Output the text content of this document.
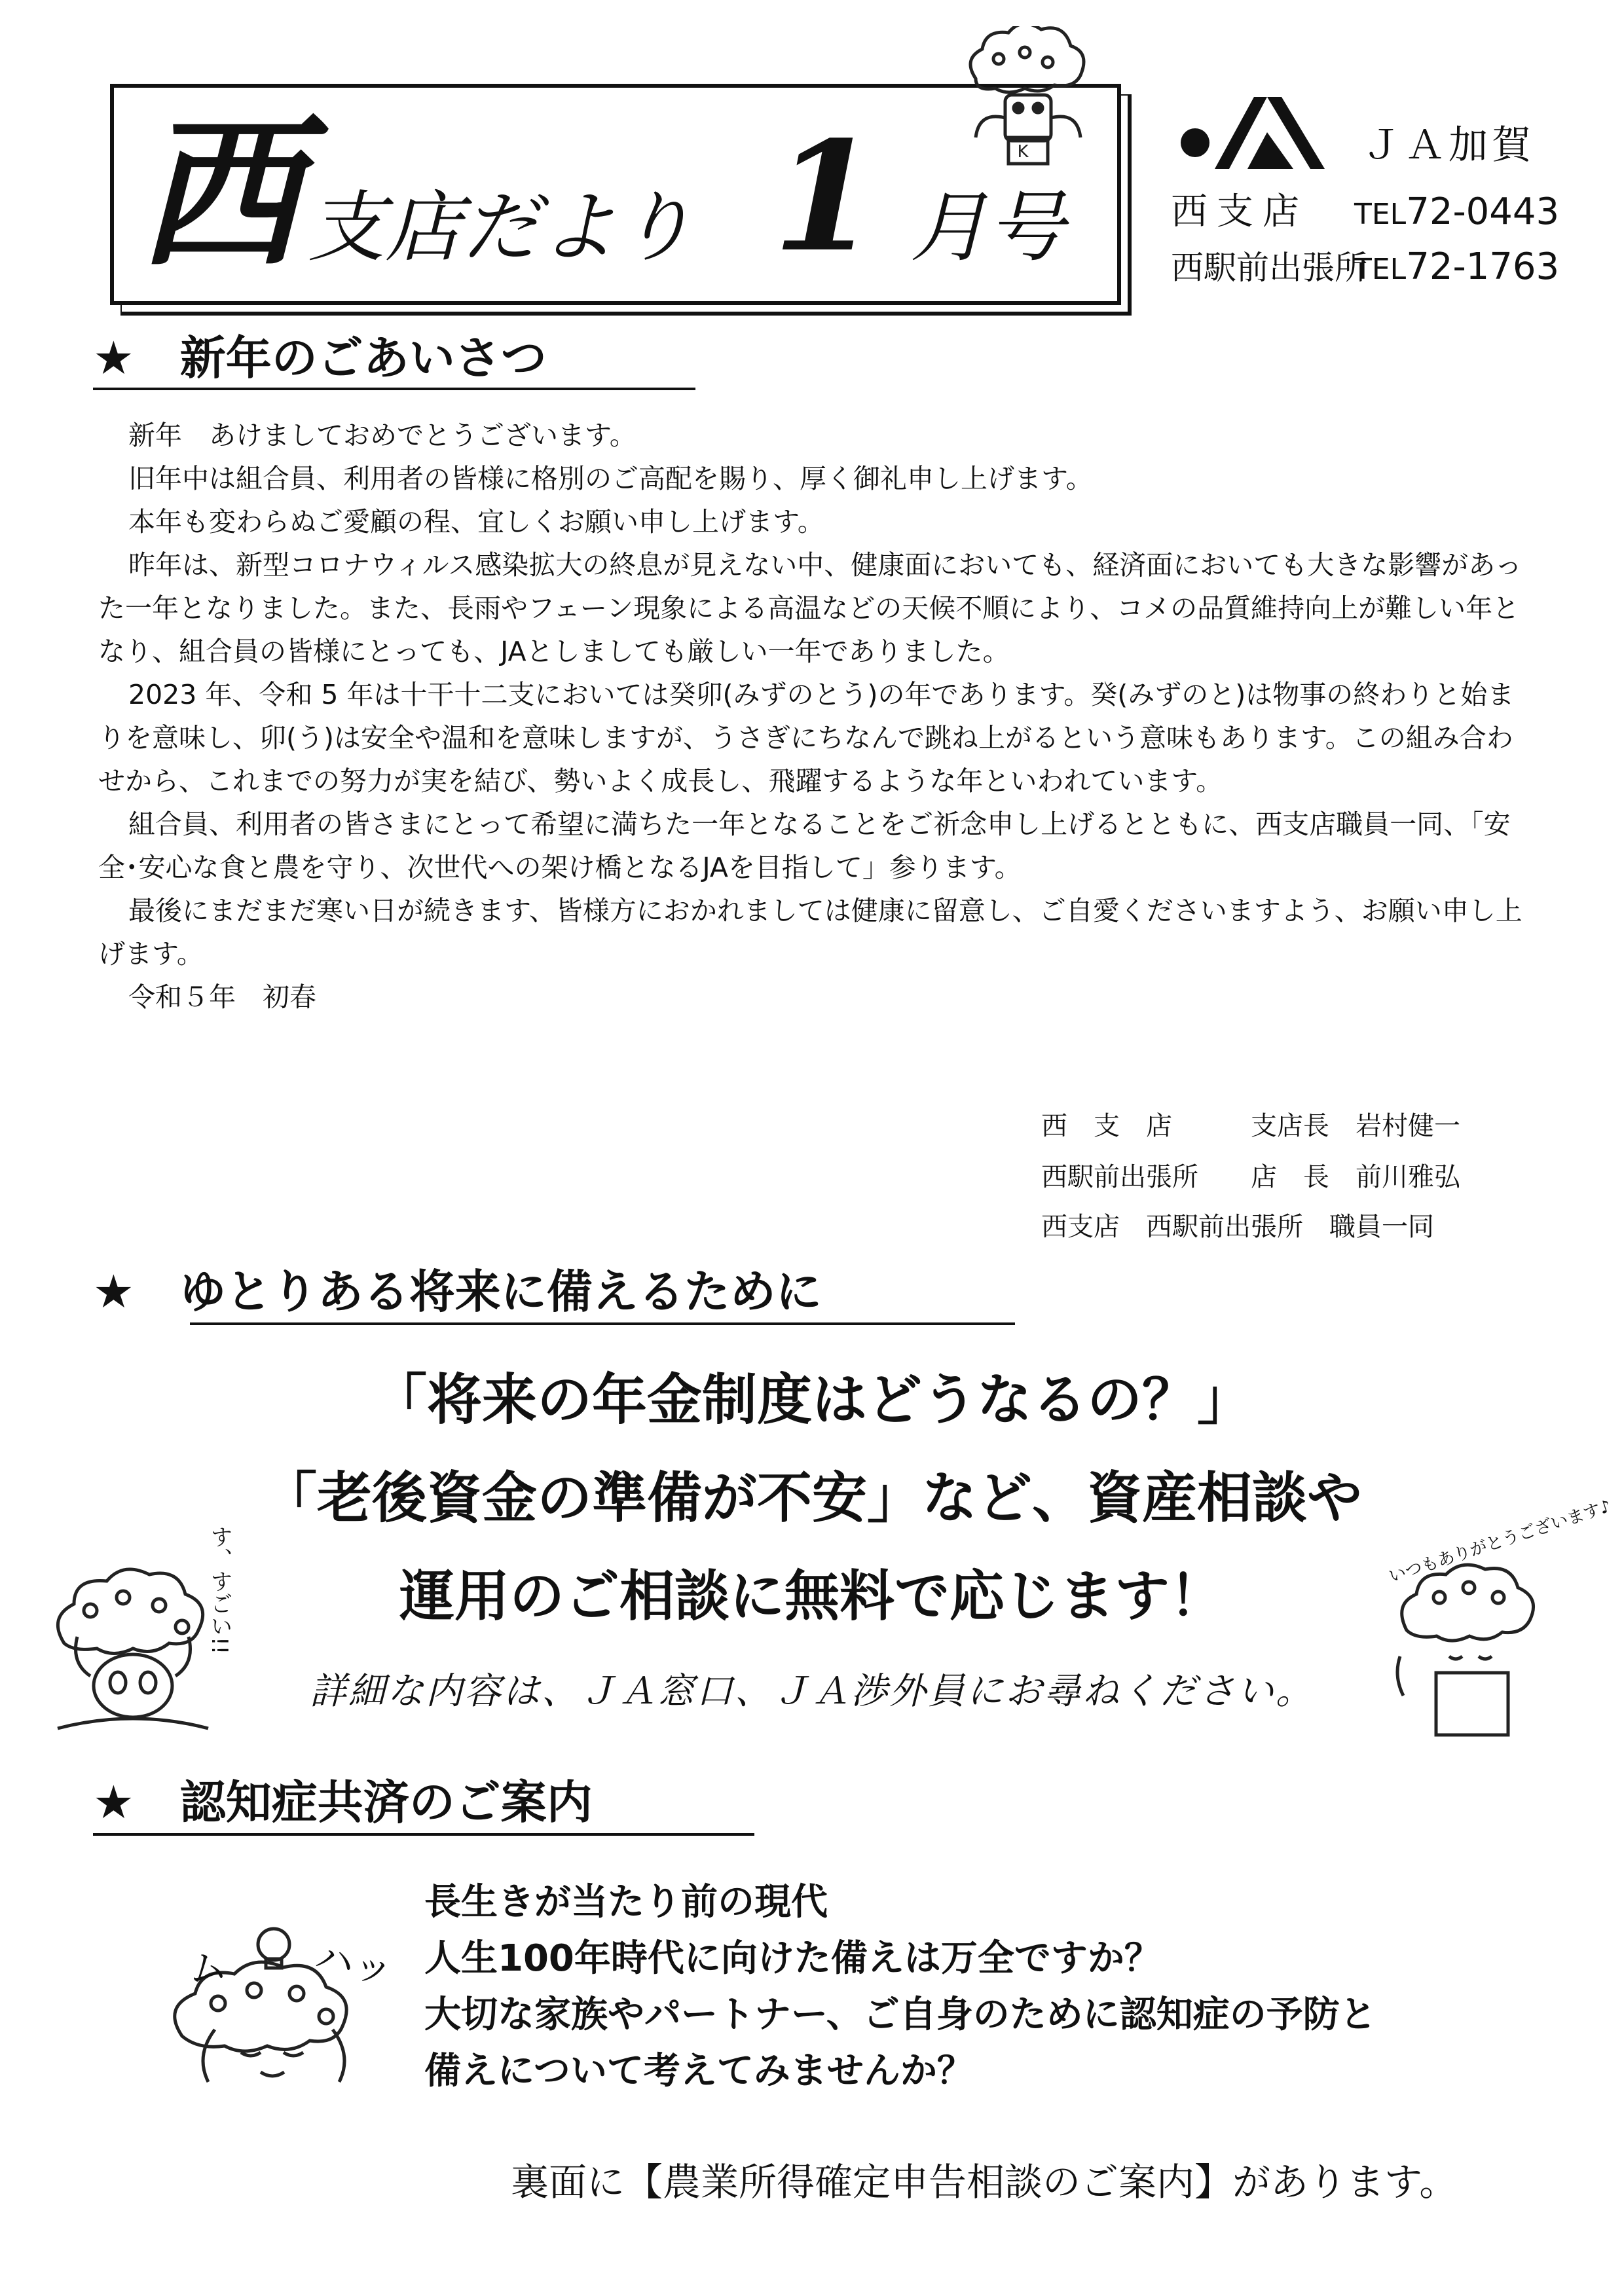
西 支店だより 1 月号
K	ＪＡ加賀
西支店 TEL72-0443
西駅前出張所
TEL72-1763
★　新年のごあいさつ

新年　あけましておめでとうございます。

旧年中は組合員、利用者の皆様に格別のご高配を賜り、厚く御礼申し上げます。

本年も変わらぬご愛顧の程、宜しくお願い申し上げます。

昨年は、新型コロナウィルス感染拡大の終息が見えない中、健康面においても、経済面においても大きな影響があった一年となりました。また、長雨やフェーン現象による高温などの天候不順により、コメの品質維持向上が難しい年となり、組合員の皆様にとっても、JAとしましても厳しい一年でありました。

2023 年、令和 5 年は十干十二支においては癸卯(みずのとう)の年であります。癸(みずのと)は物事の終わりと始まりを意味し、卯(う)は安全や温和を意味しますが、うさぎにちなんで跳ね上がるという意味もあります。この組み合わせから、これまでの努力が実を結び、勢いよく成長し、飛躍するような年といわれています。

組合員、利用者の皆さまにとって希望に満ちた一年となることをご祈念申し上げるとともに、西支店職員一同、「安全･安心な食と農を守り、次世代への架け橋となるJAを目指して」参ります。

最後にまだまだ寒い日が続きます、皆様方におかれましては健康に留意し、ご自愛くださいますよう、お願い申し上げます。

令和５年　初春

西　支　店　　　支店長　岩村健一
西駅前出張所　　店　長　前川雅弘
西支店　西駅前出張所　職員一同
★　ゆとりある将来に備えるために
「将来の年金制度はどうなるの？」
「老後資金の準備が不安」など、資産相談や
運用のご相談に無料で応じます！
詳細な内容は、ＪＡ窓口、ＪＡ渉外員にお尋ねください。
す、すごい!!	いつもありがとうございます♪
★　認知症共済のご案内
長生きが当たり前の現代
人生100年時代に向けた備えは万全ですか？
大切な家族やパートナー、ご自身のために認知症の予防と
備えについて考えてみませんか？
ム ハッ
裏面に【農業所得確定申告相談のご案内】があります。
